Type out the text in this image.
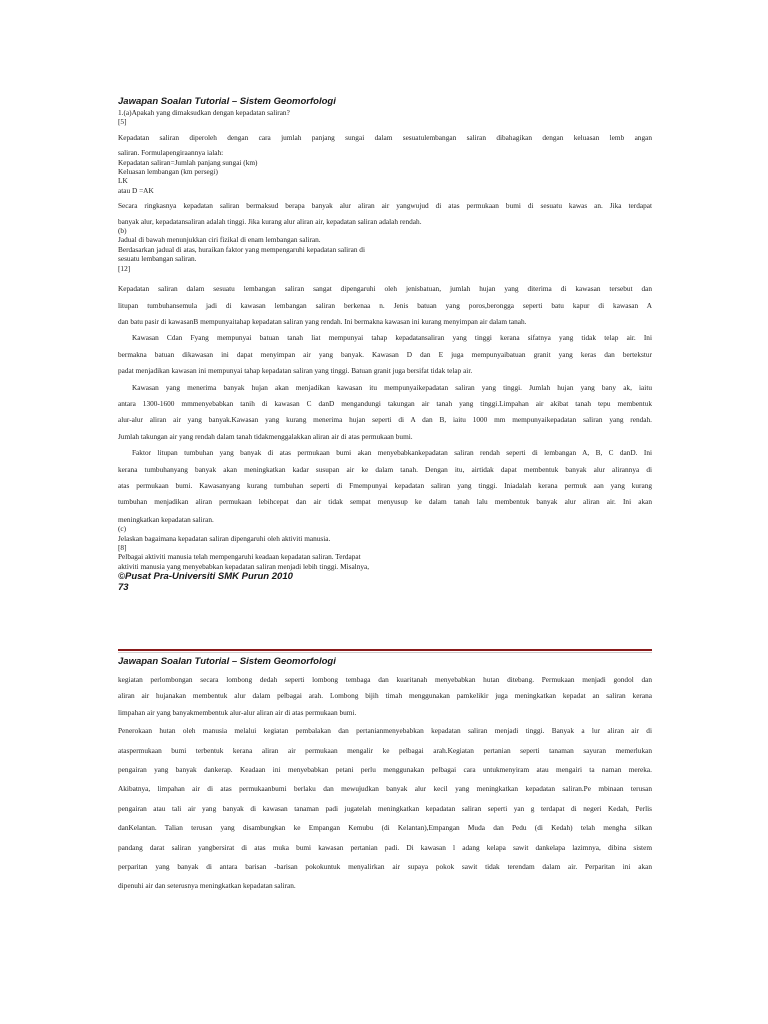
Jawapan Soalan Tutorial – Sistem Geomorfologi

1.(a)Apakah yang dimaksudkan dengan kepadatan saliran?

[5]

Kepadatan saliran diperoleh dengan cara jumlah panjang sungai dalam sesuatulembangan saliran dibahagikan dengan keluasan lemb angan

saliran. Formulapengiraannya ialah:

Kepadatan saliran=Jumlah panjang sungai (km)

Keluasan lembangan (km persegi)

LK

atau D =AK

Secara ringkasnya kepadatan saliran bermaksud berapa banyak alur aliran air yangwujud di atas permukaan bumi di sesuatu kawas an. Jika terdapat

banyak alur, kepadatansaliran adalah tinggi. Jika kurang alur aliran air, kepadatan saliran adalah rendah.

(b)

Jadual di bawah menunjukkan ciri fizikal di enam lembangan saliran.

Berdasarkan jadual di atas, huraikan faktor yang mempengaruhi kepadatan saliran di

sesuatu lembangan saliran.

[12]

Kepadatan saliran dalam sesuatu lembangan saliran sangat dipengaruhi oleh jenisbatuan, jumlah hujan yang diterima di kawasan tersebut dan

litupan tumbuhansemula jadi di kawasan lembangan saliran berkenaa n. Jenis batuan yang poros,berongga seperti batu kapur di kawasan A

dan batu pasir di kawasanB mempunyaitahap kepadatan saliran yang rendah. Ini bermakna kawasan ini kurang menyimpan air dalam tanah.

Kawasan Cdan Fyang mempunyai batuan tanah liat mempunyai tahap kepadatansaliran yang tinggi kerana sifatnya yang tidak telap air. Ini

bermakna batuan dikawasan ini dapat menyimpan air yang banyak. Kawasan D dan E juga mempunyaibatuan granit yang keras dan bertekstur

padat menjadikan kawasan ini mempunyai tahap kepadatan saliran yang tinggi. Batuan granit juga bersifat tidak telap air.

Kawasan yang menerima banyak hujan akan menjadikan kawasan itu mempunyaikepadatan saliran yang tinggi. Jumlah hujan yang bany ak, iaitu

antara 1300-1600 mmmenyebabkan tanih di kawasan C danD mengandungi takungan air tanah yang tinggi.Limpahan air akibat tanah tepu membentuk

alur-alur aliran air yang banyak.Kawasan yang kurang menerima hujan seperti di A dan B, iaitu 1000 mm mempunyaikepadatan saliran yang rendah.

Jumlah takungan air yang rendah dalam tanah tidakmenggalakkan aliran air di atas permukaan bumi.

Faktor litupan tumbuhan yang banyak di atas permukaan bumi akan menyebabkankepadatan saliran rendah seperti di lembangan A, B, C danD. Ini

kerana tumbuhanyang banyak akan meningkatkan kadar susupan air ke dalam tanah. Dengan itu, airtidak dapat membentuk banyak alur alirannya di

atas permukaan bumi. Kawasanyang kurang tumbuhan seperti di Fmempunyai kepadatan saliran yang tinggi. Iniadalah kerana permuk aan yang kurang

tumbuhan menjadikan aliran permukaan lebihcepat dan air tidak sempat menyusup ke dalam tanah lalu membentuk banyak alur aliran air. Ini akan

meningkatkan kepadatan saliran.

(c)

Jelaskan bagaimana kepadatan saliran dipengaruhi oleh aktiviti manusia.

[8]

Pelbagai aktiviti manusia telah mempengaruhi keadaan kepadatan saliran. Terdapat

aktiviti manusia yang menyebabkan kepadatan saliran menjadi lebih tinggi. Misalnya,

©Pusat Pra-Universiti SMK Purun 2010

73

Jawapan Soalan Tutorial – Sistem Geomorfologi

kegiatan perlombongan secara lombong dedah seperti lombong tembaga dan kuaritanah menyebabkan hutan ditebang. Permukaan menjadi gondol dan

aliran air hujanakan membentuk alur dalam pelbagai arah. Lombong bijih timah menggunakan pamkelikir juga meningkatkan kepadat an saliran kerana

limpahan air yang banyakmembentuk alur-alur aliran air di atas permukaan bumi.

Penerokaan hutan oleh manusia melalui kegiatan pembalakan dan pertanianmenyebabkan kepadatan saliran menjadi tinggi. Banyak a lur aliran air di

ataspermukaan bumi terbentuk kerana aliran air permukaan mengalir ke pelbagai arah.Kegiatan pertanian seperti tanaman sayuran memerlukan

pengairan yang banyak dankerap. Keadaan ini menyebabkan petani perlu menggunakan pelbagai cara untukmenyiram atau mengairi ta naman mereka.

Akibatnya, limpahan air di atas permukaanbumi berlaku dan mewujudkan banyak alur kecil yang meningkatkan kepadatan saliran.Pe mbinaan terusan

pengairan atau tali air yang banyak di kawasan tanaman padi jugatelah meningkatkan kepadatan saliran seperti yan g terdapat di negeri Kedah, Perlis

danKelantan. Talian terusan yang disambungkan ke Empangan Kemubu (di Kelantan),Empangan Muda dan Pedu (di Kedah) telah mengha silkan

pandang darat saliran yangbersirat di atas muka bumi kawasan pertanian padi. Di kawasan l adang kelapa sawit dankelapa lazimnya, dibina sistem

perparitan yang banyak di antara barisan -barisan pokokuntuk menyalirkan air supaya pokok sawit tidak terendam dalam air. Perparitan ini akan

dipenuhi air dan seterusnya meningkatkan kepadatan saliran.
